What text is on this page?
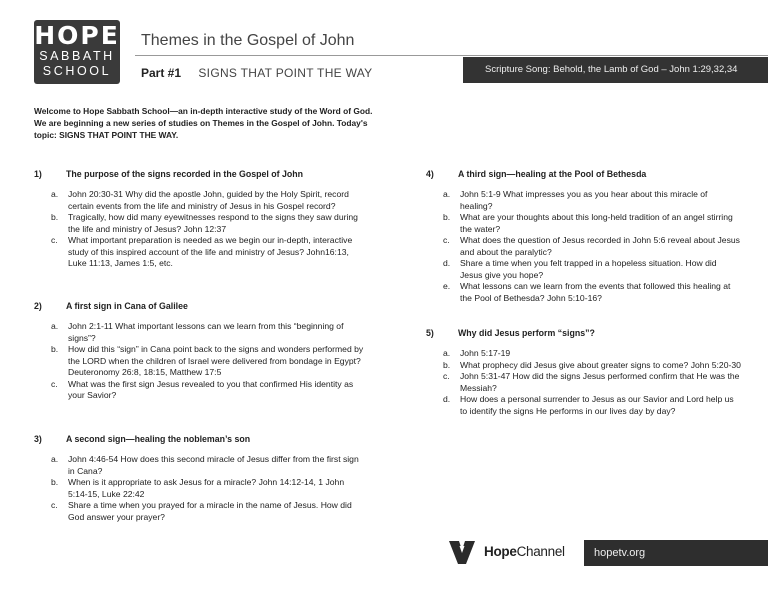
HOPE
SABBATH
SCHOOL
Themes in the Gospel of John
Part #1 SIGNS THAT POINT THE WAY	Scripture Song: Behold, the Lamb of God – John 1:29,32,34
Welcome to Hope Sabbath School—an in-depth interactive study of the Word of God. We are beginning a new series of studies on Themes in the Gospel of John. Today's topic: SIGNS THAT POINT THE WAY.
1)	The purpose of the signs recorded in the Gospel of John
a. John 20:30-31 Why did the apostle John, guided by the Holy Spirit, record certain events from the life and ministry of Jesus in his Gospel record?
b. Tragically, how did many eyewitnesses respond to the signs they saw during the life and ministry of Jesus? John 12:37
c. What important preparation is needed as we begin our in-depth, interactive study of this inspired account of the life and ministry of Jesus? John16:13, Luke 11:13, James 1:5, etc.
2)	A first sign in Cana of Galilee
a. John 2:1-11 What important lessons can we learn from this “beginning of signs”?
b. How did this “sign” in Cana point back to the signs and wonders performed by the LORD when the children of Israel were delivered from bondage in Egypt? Deuteronomy 26:8, 18:15, Matthew 17:5
c. What was the first sign Jesus revealed to you that confirmed His identity as your Savior?
3)	A second sign—healing the nobleman’s son
a. John 4:46-54 How does this second miracle of Jesus differ from the first sign in Cana?
b. When is it appropriate to ask Jesus for a miracle? John 14:12-14, 1 John 5:14-15, Luke 22:42
c. Share a time when you prayed for a miracle in the name of Jesus. How did God answer your prayer?
4)	A third sign—healing at the Pool of Bethesda
a. John 5:1-9 What impresses you as you hear about this miracle of healing?
b. What are your thoughts about this long-held tradition of an angel stirring the water?
c. What does the question of Jesus recorded in John 5:6 reveal about Jesus and about the paralytic?
d. Share a time when you felt trapped in a hopeless situation. How did Jesus give you hope?
e. What lessons can we learn from the events that followed this healing at the Pool of Bethesda? John 5:10-16?
5)	Why did Jesus perform “signs”?
a. John 5:17-19
b. What prophecy did Jesus give about greater signs to come? John 5:20-30
c. John 5:31-47 How did the signs Jesus performed confirm that He was the Messiah?
d. How does a personal surrender to Jesus as our Savior and Lord help us to identify the signs He performs in our lives day by day?
HopeChannel	hopetv.org
